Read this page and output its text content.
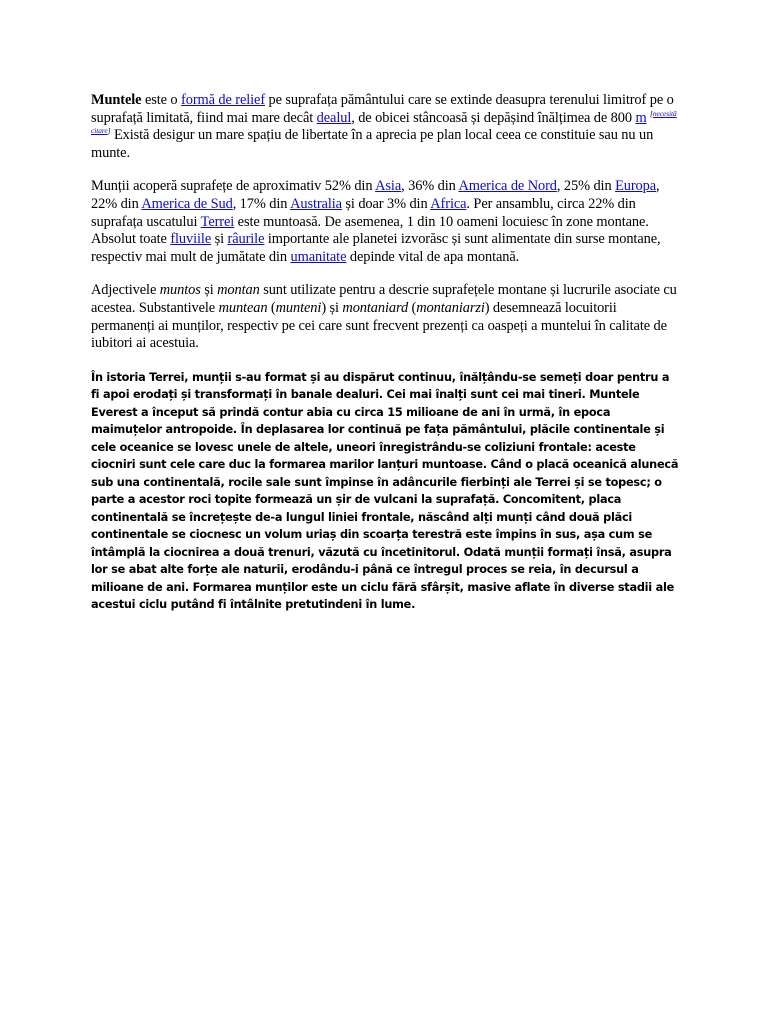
Muntele este o formă de relief pe suprafața pământului care se extinde deasupra terenului limitrof pe o suprafață limitată, fiind mai mare decât dealul, de obicei stâncoasă și depășind înălțimea de 800 m [necesită citare] Există desigur un mare spațiu de libertate în a aprecia pe plan local ceea ce constituie sau nu un munte.

Munții acoperă suprafețe de aproximativ 52% din Asia, 36% din America de Nord, 25% din Europa, 22% din America de Sud, 17% din Australia și doar 3% din Africa. Per ansamblu, circa 22% din suprafața uscatului Terrei este muntoasă. De asemenea, 1 din 10 oameni locuiesc în zone montane. Absolut toate fluviile și râurile importante ale planetei izvorăsc și sunt alimentate din surse montane, respectiv mai mult de jumătate din umanitate depinde vital de apa montană.

Adjectivele muntos și montan sunt utilizate pentru a descrie suprafețele montane și lucrurile asociate cu acestea. Substantivele muntean (munteni) și montaniard (montaniarzi) desemnează locuitorii permanenți ai munților, respectiv pe cei care sunt frecvent prezenți ca oaspeți a muntelui în calitate de iubitori ai acestuia.

În istoria Terrei, munții s-au format și au dispărut continuu, înălțându-se semeți doar pentru a fi apoi erodați și transformați în banale dealuri. Cei mai înalți sunt cei mai tineri. Muntele Everest a început să prindă contur abia cu circa 15 milioane de ani în urmă, în epoca maimuțelor antropoide. În deplasarea lor continuă pe fața pământului, plăcile continentale și cele oceanice se lovesc unele de altele, uneori înregistrându-se coliziuni frontale: aceste ciocniri sunt cele care duc la formarea marilor lanțuri muntoase. Când o placă oceanică alunecă sub una continentală, rocile sale sunt împinse în adâncurile fierbinți ale Terrei și se topesc; o parte a acestor roci topite formează un șir de vulcani la suprafață. Concomitent, placa continentală se încrețește de-a lungul liniei frontale, născând alți munți când două plăci continentale se ciocnesc un volum uriaș din scoarța terestră este împins în sus, așa cum se întâmplă la ciocnirea a două trenuri, văzută cu încetinitorul. Odată munții formați însă, asupra lor se abat alte forțe ale naturii, erodându-i până ce întregul proces se reia, în decursul a milioane de ani. Formarea munților este un ciclu fără sfârșit, masive aflate în diverse stadii ale acestui ciclu putând fi întâlnite pretutindeni în lume.
